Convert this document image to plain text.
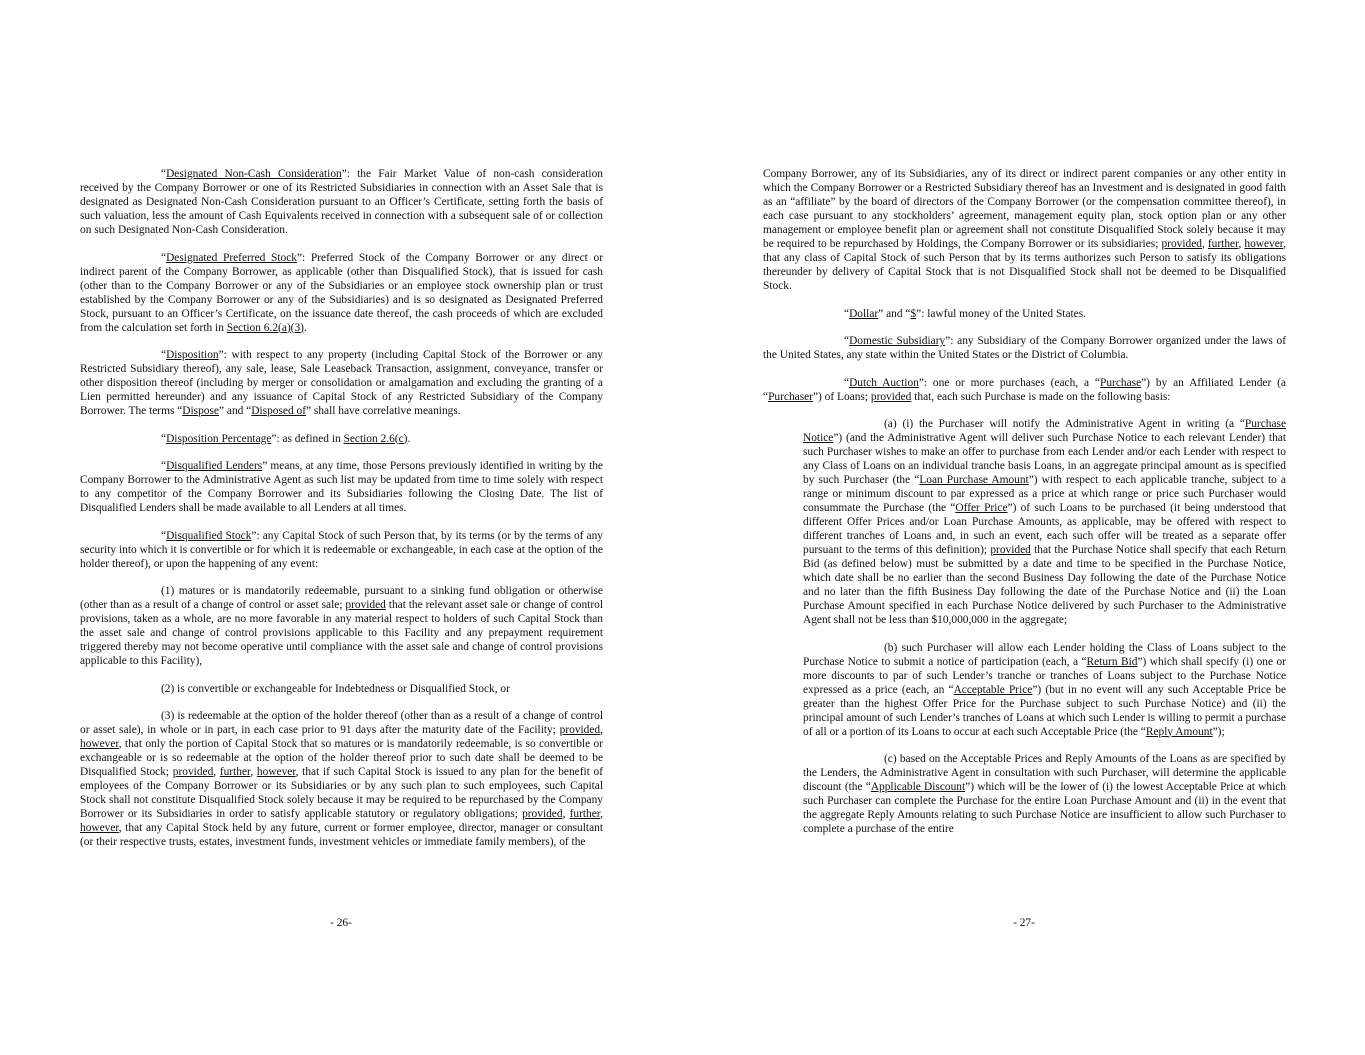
“Designated Non-Cash Consideration”: the Fair Market Value of non-cash consideration received by the Company Borrower or one of its Restricted Subsidiaries in connection with an Asset Sale that is designated as Designated Non-Cash Consideration pursuant to an Officer’s Certificate, setting forth the basis of such valuation, less the amount of Cash Equivalents received in connection with a subsequent sale of or collection on such Designated Non-Cash Consideration.

“Designated Preferred Stock”: Preferred Stock of the Company Borrower or any direct or indirect parent of the Company Borrower, as applicable (other than Disqualified Stock), that is issued for cash (other than to the Company Borrower or any of the Subsidiaries or an employee stock ownership plan or trust established by the Company Borrower or any of the Subsidiaries) and is so designated as Designated Preferred Stock, pursuant to an Officer’s Certificate, on the issuance date thereof, the cash proceeds of which are excluded from the calculation set forth in Section 6.2(a)(3).

“Disposition”: with respect to any property (including Capital Stock of the Borrower or any Restricted Subsidiary thereof), any sale, lease, Sale Leaseback Transaction, assignment, conveyance, transfer or other disposition thereof (including by merger or consolidation or amalgamation and excluding the granting of a Lien permitted hereunder) and any issuance of Capital Stock of any Restricted Subsidiary of the Company Borrower. The terms “Dispose” and “Disposed of” shall have correlative meanings.

“Disposition Percentage”: as defined in Section 2.6(c).

“Disqualified Lenders” means, at any time, those Persons previously identified in writing by the Company Borrower to the Administrative Agent as such list may be updated from time to time solely with respect to any competitor of the Company Borrower and its Subsidiaries following the Closing Date. The list of Disqualified Lenders shall be made available to all Lenders at all times.

“Disqualified Stock”: any Capital Stock of such Person that, by its terms (or by the terms of any security into which it is convertible or for which it is redeemable or exchangeable, in each case at the option of the holder thereof), or upon the happening of any event:

(1) matures or is mandatorily redeemable, pursuant to a sinking fund obligation or otherwise (other than as a result of a change of control or asset sale; provided that the relevant asset sale or change of control provisions, taken as a whole, are no more favorable in any material respect to holders of such Capital Stock than the asset sale and change of control provisions applicable to this Facility and any prepayment requirement triggered thereby may not become operative until compliance with the asset sale and change of control provisions applicable to this Facility),

(2) is convertible or exchangeable for Indebtedness or Disqualified Stock, or

(3) is redeemable at the option of the holder thereof (other than as a result of a change of control or asset sale), in whole or in part, in each case prior to 91 days after the maturity date of the Facility; provided, however, that only the portion of Capital Stock that so matures or is mandatorily redeemable, is so convertible or exchangeable or is so redeemable at the option of the holder thereof prior to such date shall be deemed to be Disqualified Stock; provided, further, however, that if such Capital Stock is issued to any plan for the benefit of employees of the Company Borrower or its Subsidiaries or by any such plan to such employees, such Capital Stock shall not constitute Disqualified Stock solely because it may be required to be repurchased by the Company Borrower or its Subsidiaries in order to satisfy applicable statutory or regulatory obligations; provided, further, however, that any Capital Stock held by any future, current or former employee, director, manager or consultant (or their respective trusts, estates, investment funds, investment vehicles or immediate family members), of the

- 26-

Company Borrower, any of its Subsidiaries, any of its direct or indirect parent companies or any other entity in which the Company Borrower or a Restricted Subsidiary thereof has an Investment and is designated in good faith as an “affiliate” by the board of directors of the Company Borrower (or the compensation committee thereof), in each case pursuant to any stockholders’ agreement, management equity plan, stock option plan or any other management or employee benefit plan or agreement shall not constitute Disqualified Stock solely because it may be required to be repurchased by Holdings, the Company Borrower or its subsidiaries; provided, further, however, that any class of Capital Stock of such Person that by its terms authorizes such Person to satisfy its obligations thereunder by delivery of Capital Stock that is not Disqualified Stock shall not be deemed to be Disqualified Stock.

“Dollar” and “$”: lawful money of the United States.

“Domestic Subsidiary”: any Subsidiary of the Company Borrower organized under the laws of the United States, any state within the United States or the District of Columbia.

“Dutch Auction”: one or more purchases (each, a “Purchase”) by an Affiliated Lender (a “Purchaser”) of Loans; provided that, each such Purchase is made on the following basis:

(a) (i) the Purchaser will notify the Administrative Agent in writing (a “Purchase Notice”) (and the Administrative Agent will deliver such Purchase Notice to each relevant Lender) that such Purchaser wishes to make an offer to purchase from each Lender and/or each Lender with respect to any Class of Loans on an individual tranche basis Loans, in an aggregate principal amount as is specified by such Purchaser (the “Loan Purchase Amount”) with respect to each applicable tranche, subject to a range or minimum discount to par expressed as a price at which range or price such Purchaser would consummate the Purchase (the “Offer Price”) of such Loans to be purchased (it being understood that different Offer Prices and/or Loan Purchase Amounts, as applicable, may be offered with respect to different tranches of Loans and, in such an event, each such offer will be treated as a separate offer pursuant to the terms of this definition); provided that the Purchase Notice shall specify that each Return Bid (as defined below) must be submitted by a date and time to be specified in the Purchase Notice, which date shall be no earlier than the second Business Day following the date of the Purchase Notice and no later than the fifth Business Day following the date of the Purchase Notice and (ii) the Loan Purchase Amount specified in each Purchase Notice delivered by such Purchaser to the Administrative Agent shall not be less than $10,000,000 in the aggregate;

(b) such Purchaser will allow each Lender holding the Class of Loans subject to the Purchase Notice to submit a notice of participation (each, a “Return Bid”) which shall specify (i) one or more discounts to par of such Lender’s tranche or tranches of Loans subject to the Purchase Notice expressed as a price (each, an “Acceptable Price”) (but in no event will any such Acceptable Price be greater than the highest Offer Price for the Purchase subject to such Purchase Notice) and (ii) the principal amount of such Lender’s tranches of Loans at which such Lender is willing to permit a purchase of all or a portion of its Loans to occur at each such Acceptable Price (the “Reply Amount”);

(c) based on the Acceptable Prices and Reply Amounts of the Loans as are specified by the Lenders, the Administrative Agent in consultation with such Purchaser, will determine the applicable discount (the “Applicable Discount”) which will be the lower of (i) the lowest Acceptable Price at which such Purchaser can complete the Purchase for the entire Loan Purchase Amount and (ii) in the event that the aggregate Reply Amounts relating to such Purchase Notice are insufficient to allow such Purchaser to complete a purchase of the entire

- 27-
